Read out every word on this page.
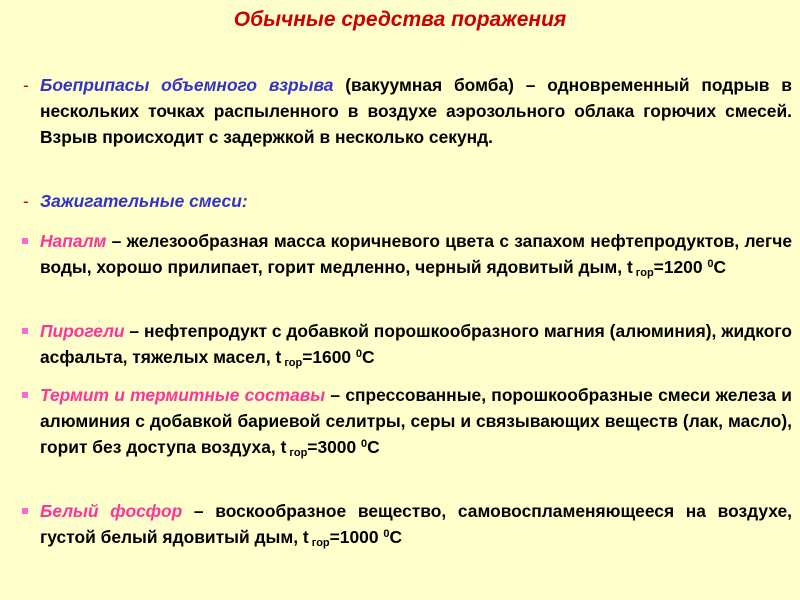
Обычные средства поражения
- Боеприпасы объемного взрыва (вакуумная бомба) – одновременный подрыв в нескольких точках распыленного в воздухе аэрозольного облака горючих смесей. Взрыв происходит с задержкой в несколько секунд.
- Зажигательные смеси:
Напалм – железообразная масса коричневого цвета с запахом нефтепродуктов, легче воды, хорошо прилипает, горит медленно, черный ядовитый дым, t гор=1200 $^0$С
Пирогели – нефтепродукт с добавкой порошкообразного магния (алюминия), жидкого асфальта, тяжелых масел, t гор=1600 $^0$С
Термит и термитные составы – спрессованные, порошкообразные смеси железа и алюминия с добавкой бариевой селитры, серы и связывающих веществ (лак, масло), горит без доступа воздуха, t гор=3000 $^0$С
Белый фосфор – воскообразное вещество, самовоспламеняющееся на воздухе, густой белый ядовитый дым, t гор=1000 $^0$С
